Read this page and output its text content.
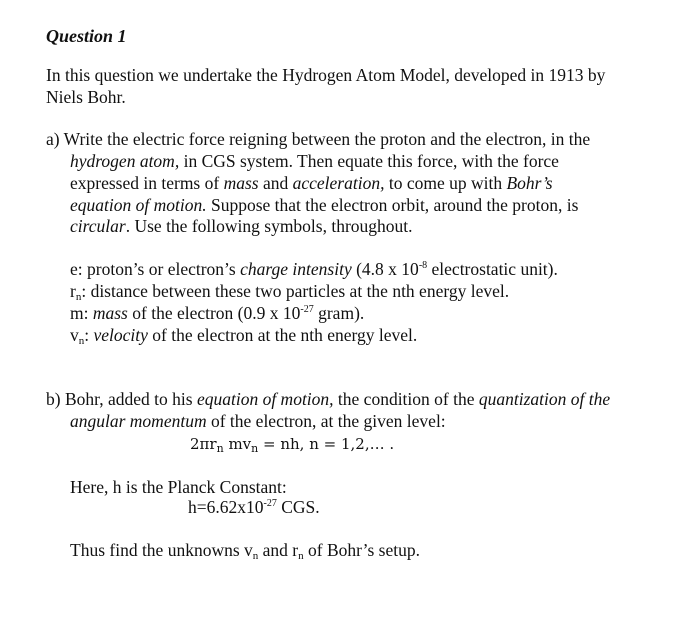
Question 1
In this question we undertake the Hydrogen Atom Model, developed in 1913 by
Niels Bohr.
a) Write the electric force reigning between the proton and the electron, in the
hydrogen atom, in CGS system. Then equate this force, with the force
expressed in terms of mass and acceleration, to come up with Bohr’s
equation of motion. Suppose that the electron orbit, around the proton, is
circular. Use the following symbols, throughout.
e: proton’s or electron’s charge intensity (4.8 x $10^{-8}$ electrostatic unit).
$r_n$: distance between these two particles at the nth energy level.
m: mass of the electron (0.9 x $10^{-27}$ gram).
$v_n$: velocity of the electron at the nth energy level.
b) Bohr, added to his equation of motion, the condition of the quantization of the
angular momentum of the electron, at the given level:
$2\pi r_n$ $mv_n$ = nh, n = 1,2,… .
Here, h is the Planck Constant:
$h=6.62x10^{-27}$ CGS.
Thus find the unknowns $v_n$ and $r_n$ of Bohr’s setup.
